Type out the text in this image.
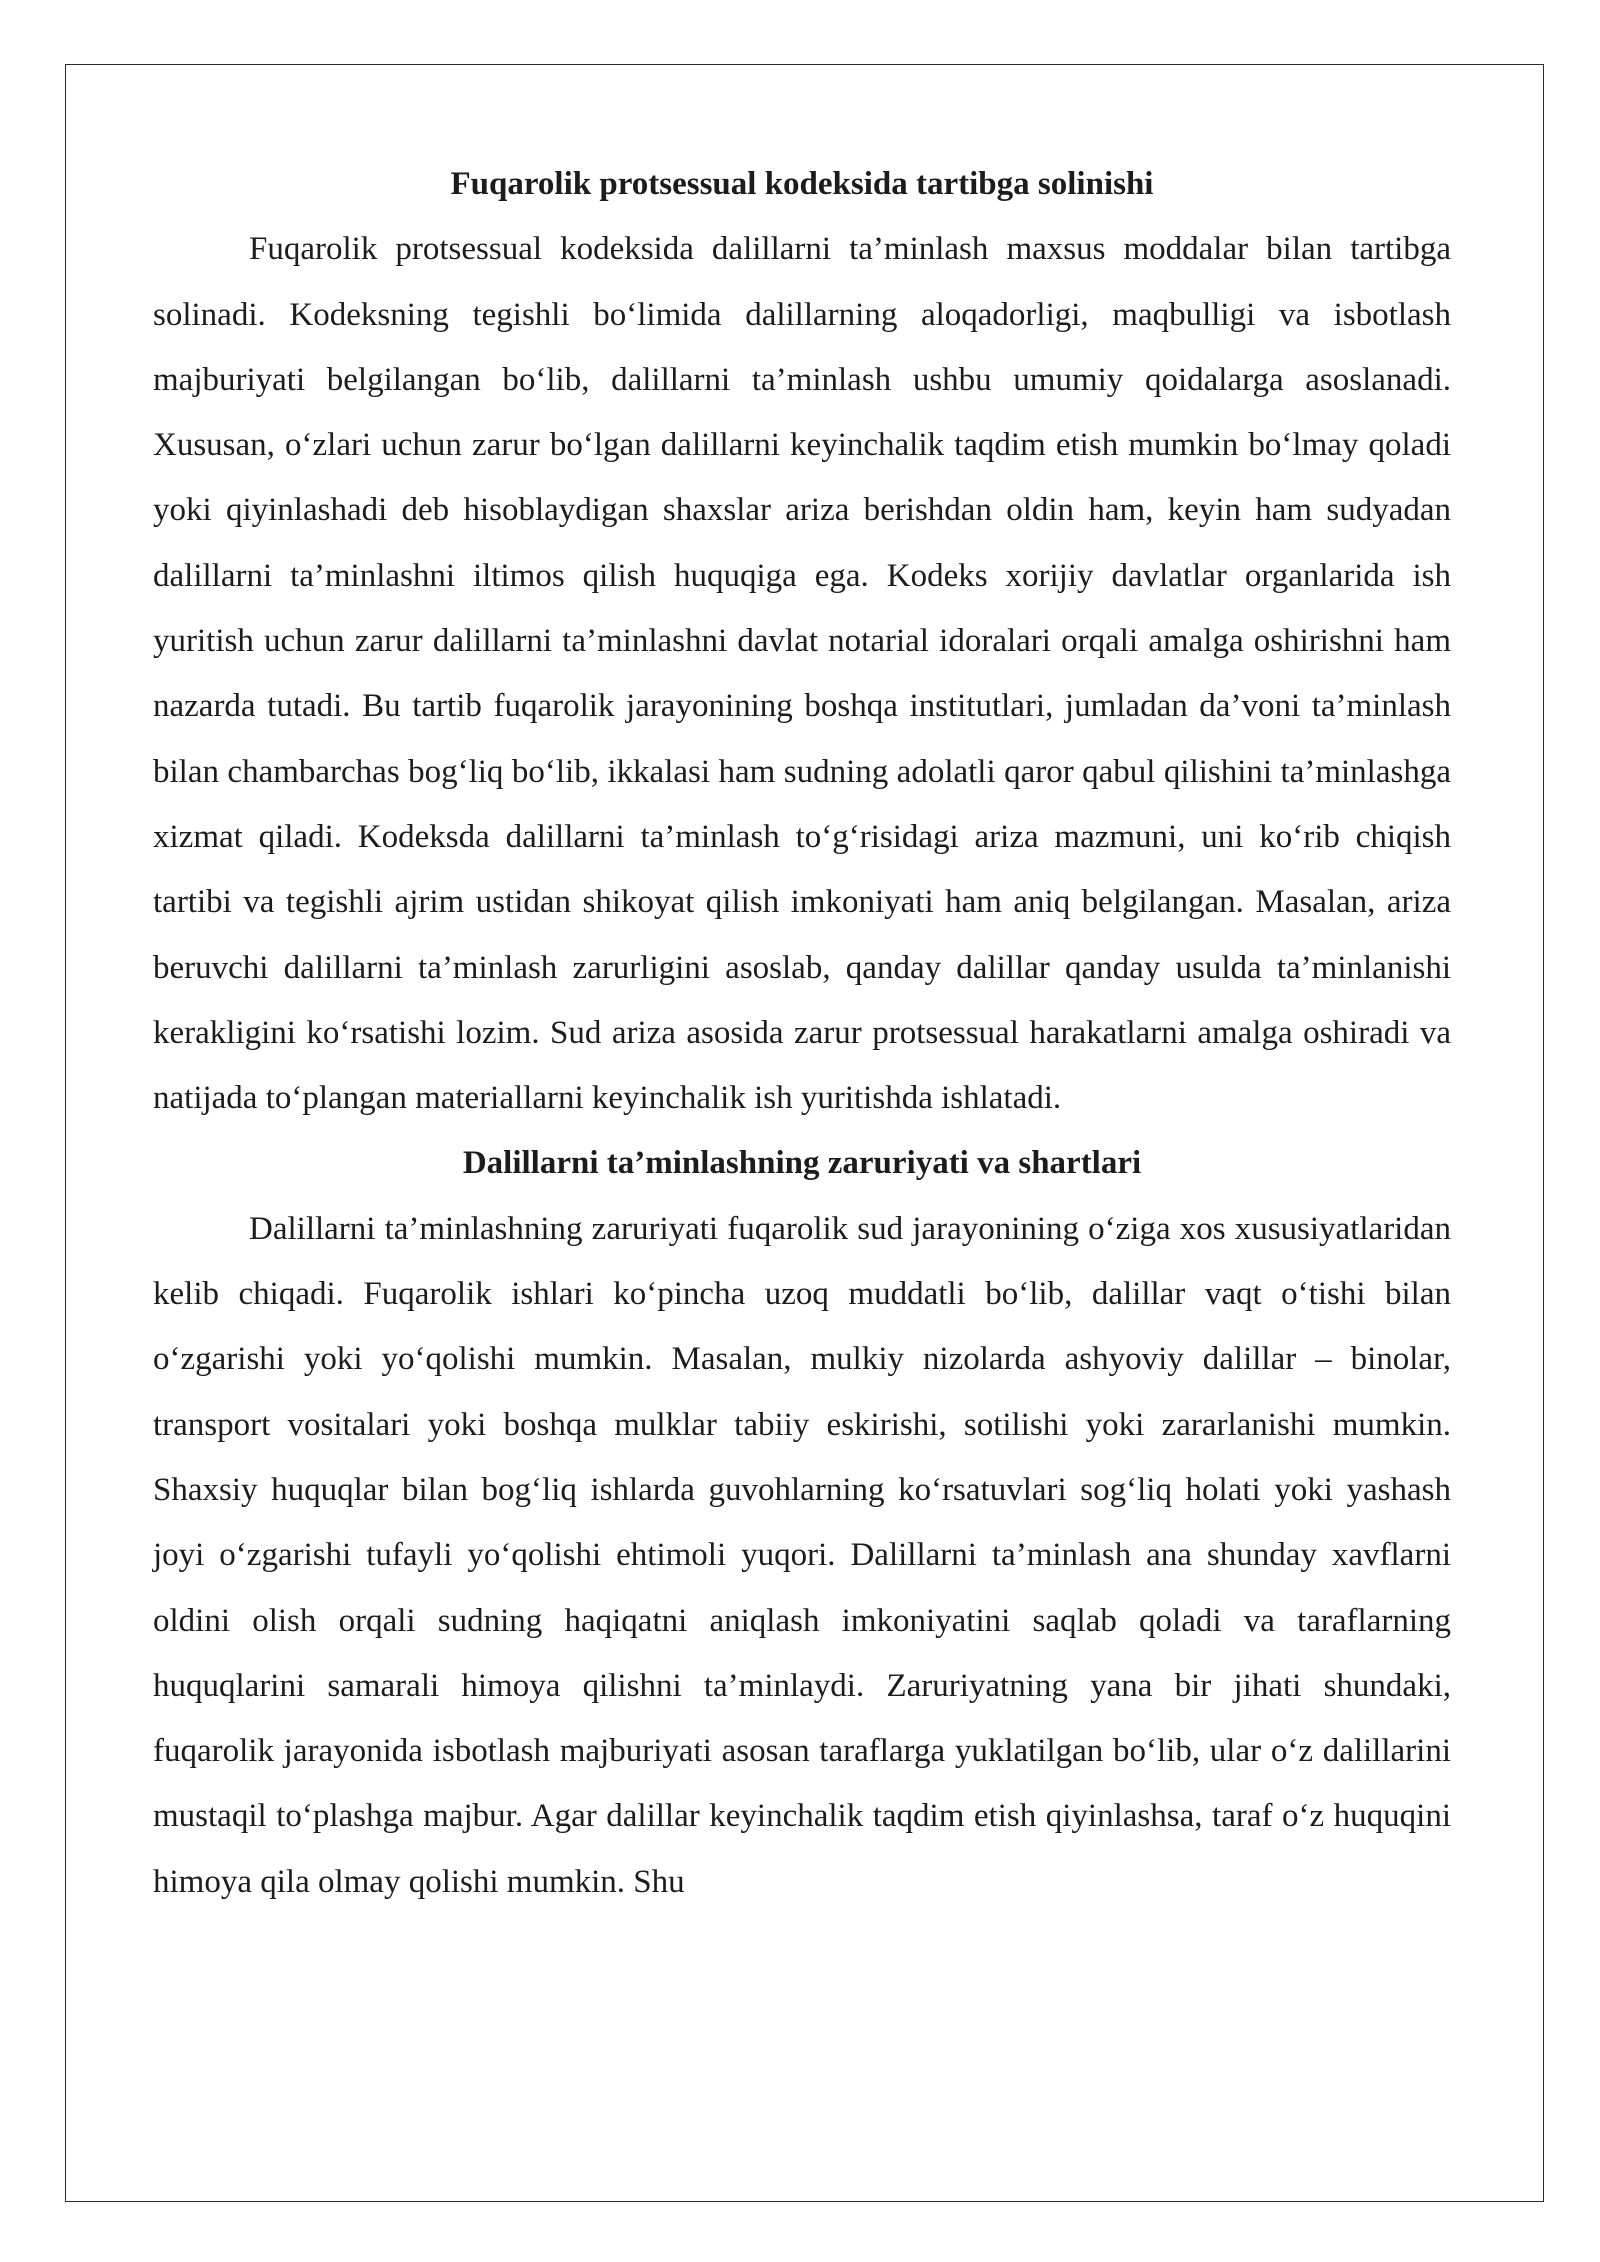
Fuqarolik protsessual kodeksida tartibga solinishi

Fuqarolik protsessual kodeksida dalillarni ta’minlash maxsus moddalar bilan tartibga solinadi. Kodeksning tegishli bo‘limida dalillarning aloqadorligi, maqbulligi va isbotlash majburiyati belgilangan bo‘lib, dalillarni ta’minlash ushbu umumiy qoidalarga asoslanadi. Xususan, o‘zlari uchun zarur bo‘lgan dalillarni keyinchalik taqdim etish mumkin bo‘lmay qoladi yoki qiyinlashadi deb hisoblaydigan shaxslar ariza berishdan oldin ham, keyin ham sudyadan dalillarni ta’minlashni iltimos qilish huquqiga ega. Kodeks xorijiy davlatlar organlarida ish yuritish uchun zarur dalillarni ta’minlashni davlat notarial idoralari orqali amalga oshirishni ham nazarda tutadi. Bu tartib fuqarolik jarayonining boshqa institutlari, jumladan da’voni ta’minlash bilan chambarchas bog‘liq bo‘lib, ikkalasi ham sudning adolatli qaror qabul qilishini ta’minlashga xizmat qiladi. Kodeksda dalillarni ta’minlash to‘g‘risidagi ariza mazmuni, uni ko‘rib chiqish tartibi va tegishli ajrim ustidan shikoyat qilish imkoniyati ham aniq belgilangan. Masalan, ariza beruvchi dalillarni ta’minlash zarurligini asoslab, qanday dalillar qanday usulda ta’minlanishi kerakligini ko‘rsatishi lozim. Sud ariza asosida zarur protsessual harakatlarni amalga oshiradi va natijada to‘plangan materiallarni keyinchalik ish yuritishda ishlatadi.

Dalillarni ta’minlashning zaruriyati va shartlari

Dalillarni ta’minlashning zaruriyati fuqarolik sud jarayonining o‘ziga xos xususiyatlaridan kelib chiqadi. Fuqarolik ishlari ko‘pincha uzoq muddatli bo‘lib, dalillar vaqt o‘tishi bilan o‘zgarishi yoki yo‘qolishi mumkin. Masalan, mulkiy nizolarda ashyoviy dalillar – binolar, transport vositalari yoki boshqa mulklar tabiiy eskirishi, sotilishi yoki zararlanishi mumkin. Shaxsiy huquqlar bilan bog‘liq ishlarda guvohlarning ko‘rsatuvlari sog‘liq holati yoki yashash joyi o‘zgarishi tufayli yo‘qolishi ehtimoli yuqori. Dalillarni ta’minlash ana shunday xavflarni oldini olish orqali sudning haqiqatni aniqlash imkoniyatini saqlab qoladi va taraflarning huquqlarini samarali himoya qilishni ta’minlaydi. Zaruriyatning yana bir jihati shundaki, fuqarolik jarayonida isbotlash majburiyati asosan taraflarga yuklatilgan bo‘lib, ular o‘z dalillarini mustaqil to‘plashga majbur. Agar dalillar keyinchalik taqdim etish qiyinlashsa, taraf o‘z huquqini himoya qila olmay qolishi mumkin. Shu
